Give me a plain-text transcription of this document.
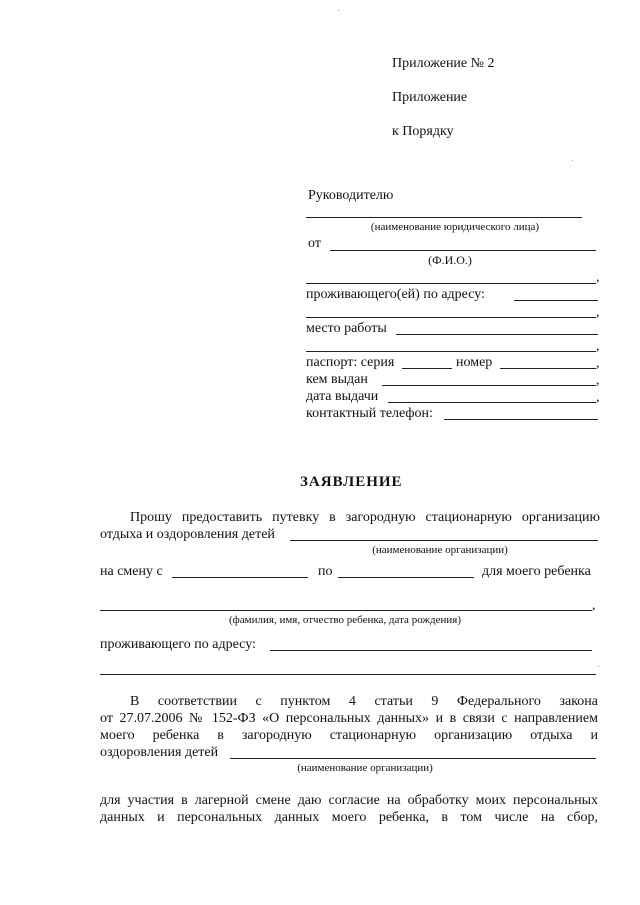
Приложение № 2
Приложение
к Порядку
Руководителю
(наименование юридического лица)
от
(Ф.И.О.)
,
проживающего(ей) по адресу:
,
место работы
,
паспорт: серия	номер	,
кем выдан	,
дата выдачи	,
контактный телефон:
ЗАЯВЛЕНИЕ
Прошу предоставить путевку в загородную стационарную организацию
отдыха и оздоровления детей
(наименование организации)
на смену с	по	для моего ребенка
,
(фамилия, имя, отчество ребенка, дата рождения)
проживающего по адресу:
В соответствии с пунктом 4 статьи 9 Федерального закона
от 27.07.2006 № 152-ФЗ «О персональных данных» и в связи с направлением
моего ребенка в загородную стационарную организацию отдыха и
оздоровления детей
(наименование организации)
для участия в лагерной смене даю согласие на обработку моих персональных
данных и персональных данных моего ребенка, в том числе на сбор,
